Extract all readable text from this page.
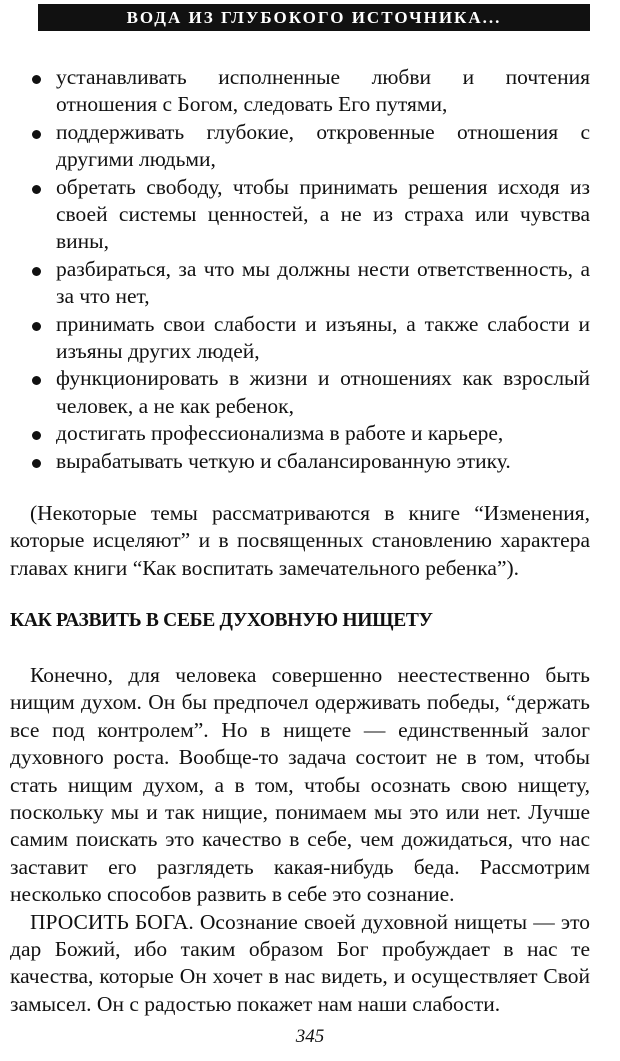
ВОДА ИЗ ГЛУБОКОГО ИСТОЧНИКА...
устанавливать исполненные любви и почтения отношения с Богом, следовать Его путями,
поддерживать глубокие, откровенные отношения с другими людьми,
обретать свободу, чтобы принимать решения исходя из своей системы ценностей, а не из страха или чувства вины,
разбираться, за что мы должны нести ответственность, а за что нет,
принимать свои слабости и изъяны, а также слабости и изъяны других людей,
функционировать в жизни и отношениях как взрослый человек, а не как ребенок,
достигать профессионализма в работе и карьере,
вырабатывать четкую и сбалансированную этику.

(Некоторые темы рассматриваются в книге “Изменения, которые исцеляют” и в посвященных становлению характера главах книги “Как воспитать замечательного ребенка”).

КАК РАЗВИТЬ В СЕБЕ ДУХОВНУЮ НИЩЕТУ

Конечно, для человека совершенно неестественно быть нищим духом. Он бы предпочел одерживать победы, “держать все под контролем”. Но в нищете — единственный залог духовного роста. Вообще-то задача состоит не в том, чтобы стать нищим духом, а в том, чтобы осознать свою нищету, поскольку мы и так нищие, понимаем мы это или нет. Лучше самим поискать это качество в себе, чем дожидаться, что нас заставит его разглядеть какая-нибудь беда. Рассмотрим несколько способов развить в себе это сознание.

ПРОСИТЬ БОГА. Осознание своей духовной нищеты — это дар Божий, ибо таким образом Бог пробуждает в нас те качества, которые Он хочет в нас видеть, и осуществляет Свой замысел. Он с радостью покажет нам наши слабости.

345
